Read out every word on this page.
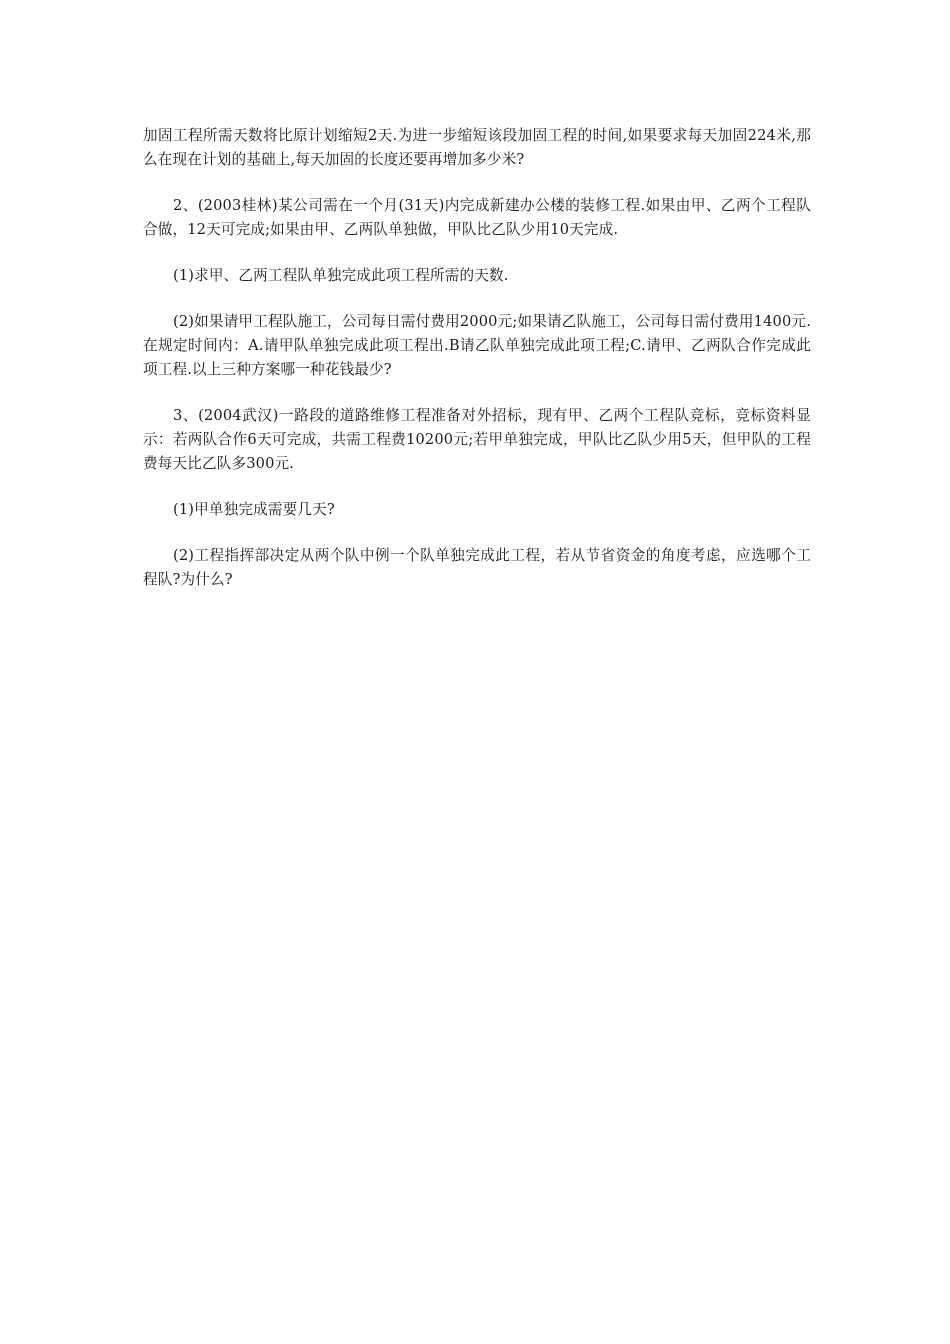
加固工程所需天数将比原计划缩短2天.为进一步缩短该段加固工程的时间,如果要求每天加固224米,那么在现在计划的基础上,每天加固的长度还要再增加多少米?

2、(2003桂林)某公司需在一个月(31天)内完成新建办公楼的装修工程.如果由甲、乙两个工程队合做，12天可完成;如果由甲、乙两队单独做，甲队比乙队少用10天完成.

(1)求甲、乙两工程队单独完成此项工程所需的天数.

(2)如果请甲工程队施工，公司每日需付费用2000元;如果请乙队施工，公司每日需付费用1400元.在规定时间内：A.请甲队单独完成此项工程出.B请乙队单独完成此项工程;C.请甲、乙两队合作完成此项工程.以上三种方案哪一种花钱最少?

3、(2004武汉)一路段的道路维修工程准备对外招标，现有甲、乙两个工程队竞标，竞标资料显示：若两队合作6天可完成，共需工程费10200元;若甲单独完成，甲队比乙队少用5天，但甲队的工程费每天比乙队多300元.

(1)甲单独完成需要几天?

(2)工程指挥部决定从两个队中例一个队单独完成此工程，若从节省资金的角度考虑，应选哪个工程队?为什么?
